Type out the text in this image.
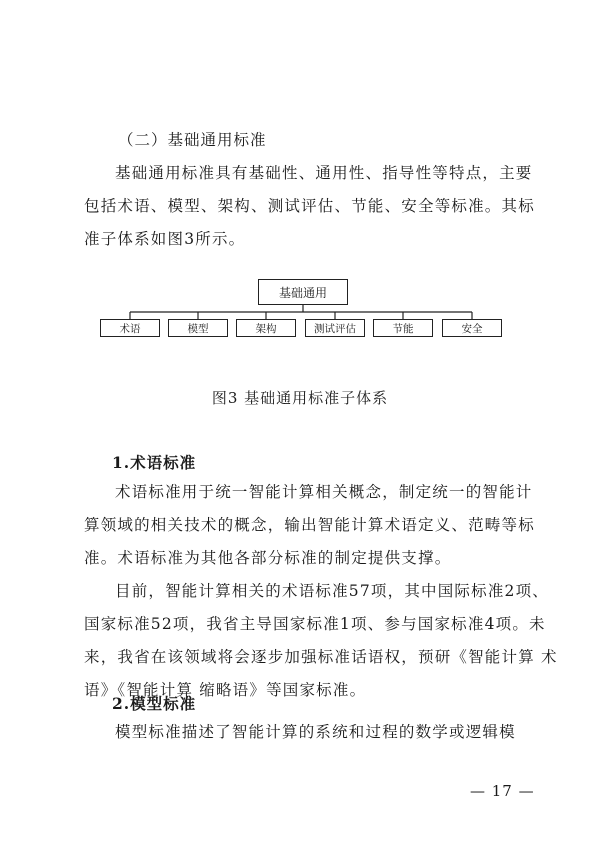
（二）基础通用标准
基础通用标准具有基础性、通用性、指导性等特点，主要
包括术语、模型、架构、测试评估、节能、安全等标准。其标
准子体系如图3所示。
基础通用
术语	模型	架构	测试评估	节能	安全
图3 基础通用标准子体系
1.术语标准
术语标准用于统一智能计算相关概念，制定统一的智能计
算领域的相关技术的概念，输出智能计算术语定义、范畴等标
准。术语标准为其他各部分标准的制定提供支撑。
目前，智能计算相关的术语标准57项，其中国际标准2项、
国家标准52项，我省主导国家标准1项、参与国家标准4项。未
来，我省在该领域将会逐步加强标准话语权，预研《智能计算 术
语》《智能计算 缩略语》等国家标准。
2.模型标准
模型标准描述了智能计算的系统和过程的数学或逻辑模
— 17 —
